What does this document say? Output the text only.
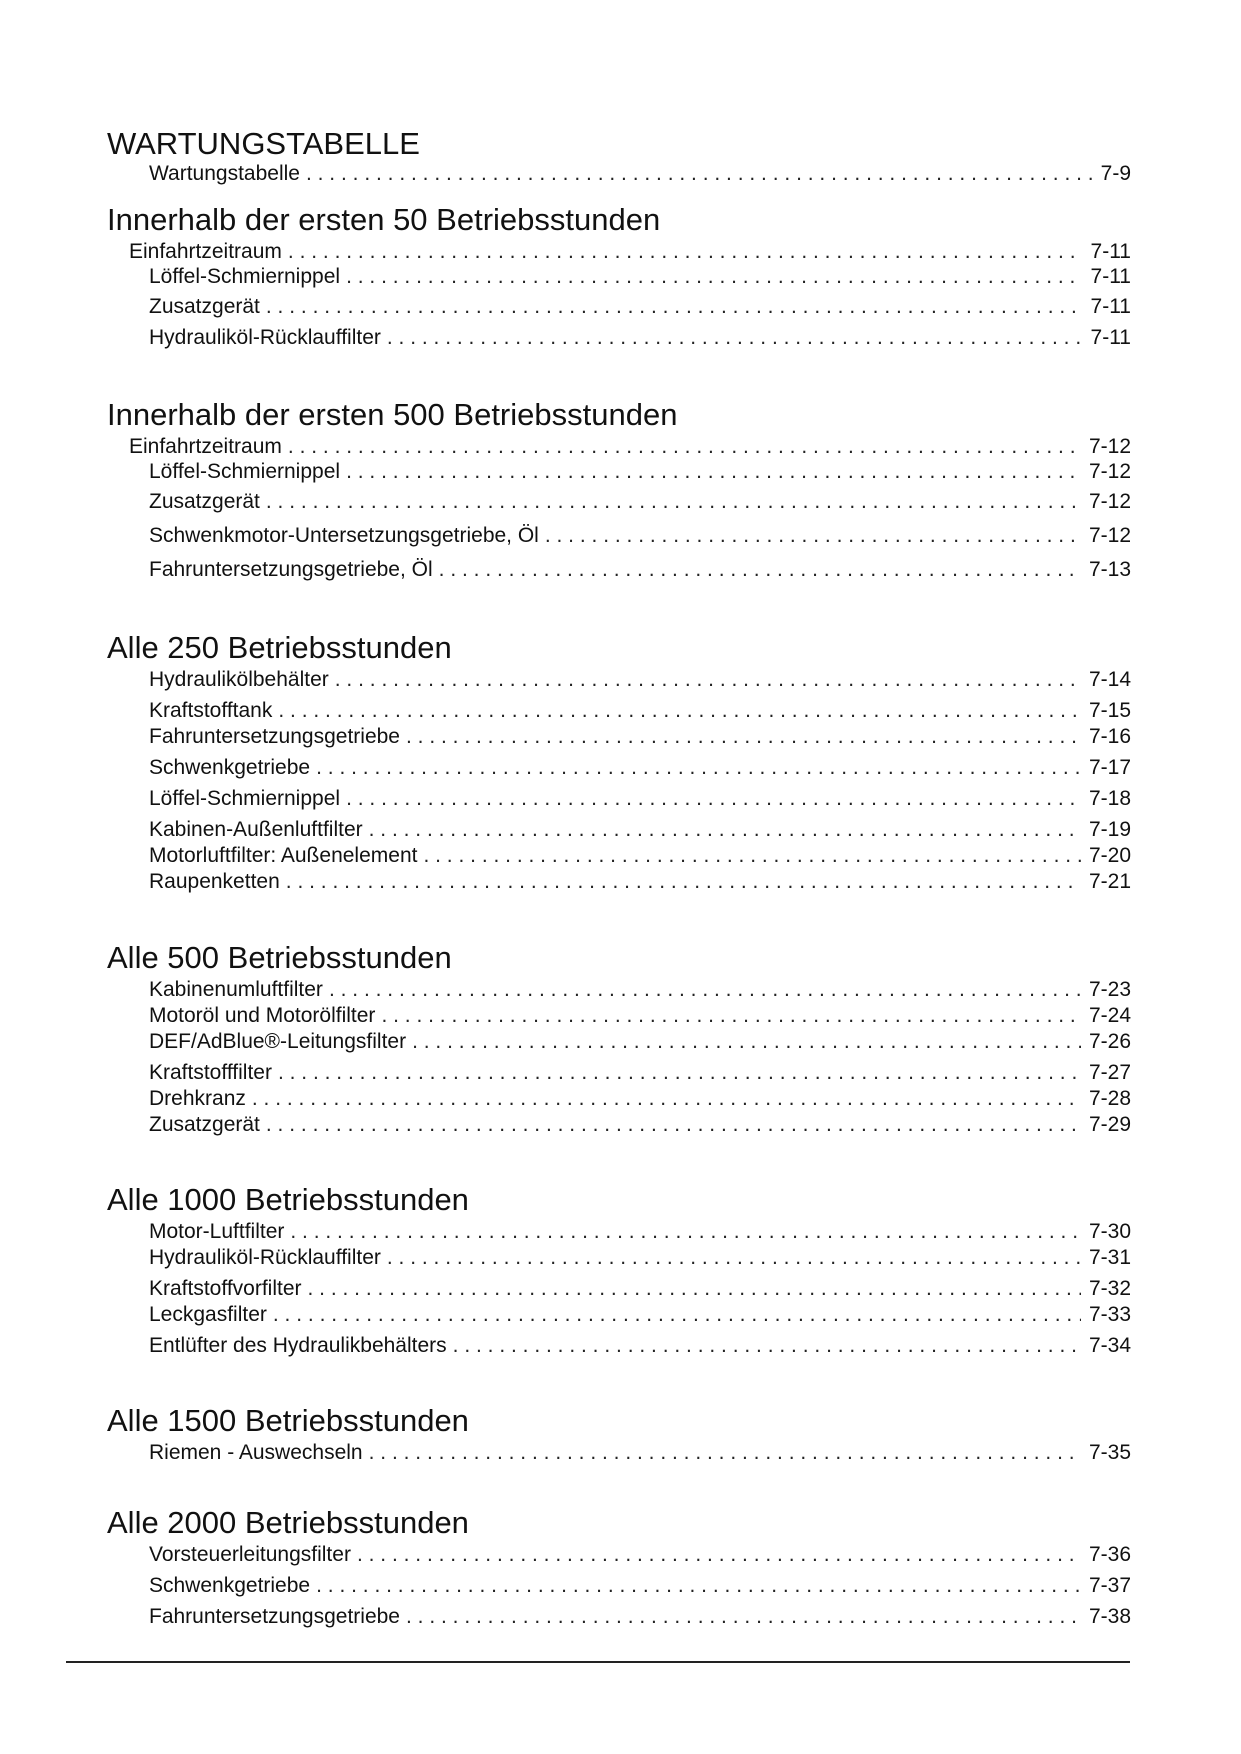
WARTUNGSTABELLE
Wartungstabelle . . .	7-9
Innerhalb der ersten 50 Betriebsstunden
Einfahrtzeitraum . . .	7-11
Löffel-Schmiernippel . . .	7-11
Zusatzgerät . . .	7-11
Hydrauliköl-Rücklauffilter . . .	7-11
Innerhalb der ersten 500 Betriebsstunden
Einfahrtzeitraum . . .	7-12
Löffel-Schmiernippel . . .	7-12
Zusatzgerät . . .	7-12
Schwenkmotor-Untersetzungsgetriebe, Öl . . .	7-12
Fahruntersetzungsgetriebe, Öl . . .	7-13
Alle 250 Betriebsstunden
Hydraulikölbehälter . . .	7-14
Kraftstofftank . . .	7-15
Fahruntersetzungsgetriebe . . .	7-16
Schwenkgetriebe . . .	7-17
Löffel-Schmiernippel . . .	7-18
Kabinen-Außenluftfilter . . .	7-19
Motorluftfilter: Außenelement . . .	7-20
Raupenketten . . .	7-21
Alle 500 Betriebsstunden
Kabinenumluftfilter . . .	7-23
Motoröl und Motorölfilter . . .	7-24
DEF/AdBlue®-Leitungsfilter . . .	7-26
Kraftstofffilter . . .	7-27
Drehkranz . . .	7-28
Zusatzgerät . . .	7-29
Alle 1000 Betriebsstunden
Motor-Luftfilter . . .	7-30
Hydrauliköl-Rücklauffilter . . .	7-31
Kraftstoffvorfilter . . .	7-32
Leckgasfilter . . .	7-33
Entlüfter des Hydraulikbehälters . . .	7-34
Alle 1500 Betriebsstunden
Riemen - Auswechseln . . .	7-35
Alle 2000 Betriebsstunden
Vorsteuerleitungsfilter . . .	7-36
Schwenkgetriebe . . .	7-37
Fahruntersetzungsgetriebe . . .	7-38
